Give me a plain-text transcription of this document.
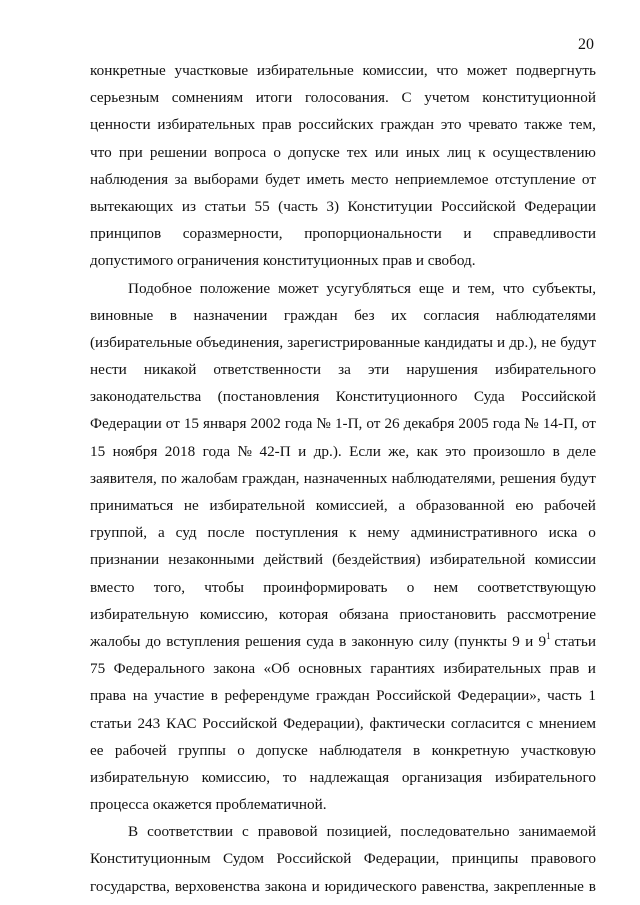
20
конкретные участковые избирательные комиссии, что может подвергнуть
серьезным сомнениям итоги голосования. С учетом конституционной
ценности избирательных прав российских граждан это чревато также тем,
что при решении вопроса о допуске тех или иных лиц к осуществлению
наблюдения за выборами будет иметь место неприемлемое отступление от
вытекающих из статьи 55 (часть 3) Конституции Российской Федерации
принципов соразмерности, пропорциональности и справедливости
допустимого ограничения конституционных прав и свобод.
Подобное положение может усугубляться еще и тем, что субъекты,
виновные в назначении граждан без их согласия наблюдателями
(избирательные объединения, зарегистрированные кандидаты и др.), не будут
нести никакой ответственности за эти нарушения избирательного
законодательства (постановления Конституционного Суда Российской
Федерации от 15 января 2002 года № 1-П, от 26 декабря 2005 года № 14-П, от
15 ноября 2018 года № 42-П и др.). Если же, как это произошло в деле
заявителя, по жалобам граждан, назначенных наблюдателями, решения будут
приниматься не избирательной комиссией, а образованной ею рабочей
группой, а суд после поступления к нему административного иска о
признании незаконными действий (бездействия) избирательной комиссии
вместо того, чтобы проинформировать о нем соответствующую
избирательную комиссию, которая обязана приостановить рассмотрение
жалобы до вступления решения суда в законную силу (пункты 9 и $9^1$ статьи
75 Федерального закона «Об основных гарантиях избирательных прав и
права на участие в референдуме граждан Российской Федерации», часть 1
статьи 243 КАС Российской Федерации), фактически согласится с мнением
ее рабочей группы о допуске наблюдателя в конкретную участковую
избирательную комиссию, то надлежащая организация избирательного
процесса окажется проблематичной.
В соответствии с правовой позицией, последовательно занимаемой
Конституционным Судом Российской Федерации, принципы правового
государства, верховенства закона и юридического равенства, закрепленные в
